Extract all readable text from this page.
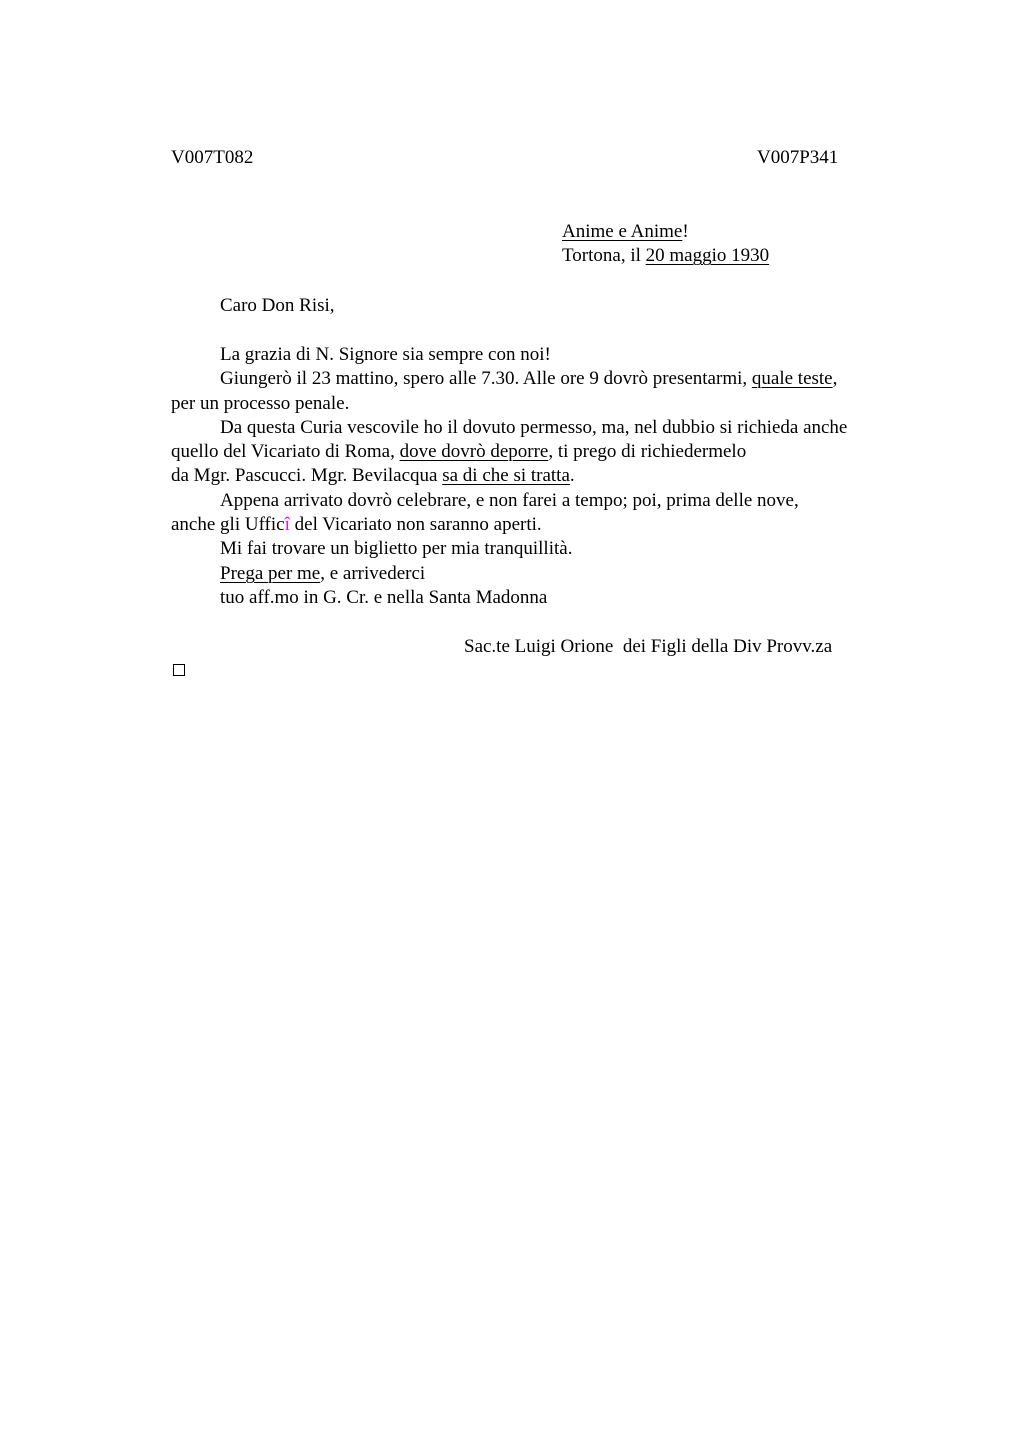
V007T082	V007P341
Anime e Anime!
Tortona, il 20 maggio 1930
Caro Don Risi,
La grazia di N. Signore sia sempre con noi!
Giungerò il 23 mattino, spero alle 7.30. Alle ore 9 dovrò presentarmi, quale teste,
per un processo penale.
Da questa Curia vescovile ho il dovuto permesso, ma, nel dubbio si richieda anche
quello del Vicariato di Roma, dove dovrò deporre, ti prego di richiedermelo
da Mgr. Pascucci. Mgr. Bevilacqua sa di che si tratta.
Appena arrivato dovrò celebrare, e non farei a tempo; poi, prima delle nove,
anche gli Ufficî del Vicariato non saranno aperti.
Mi fai trovare un biglietto per mia tranquillità.
Prega per me, e arrivederci
tuo aff.mo in G. Cr. e nella Santa Madonna
Sac.te Luigi Orione  dei Figli della Div Provv.za
